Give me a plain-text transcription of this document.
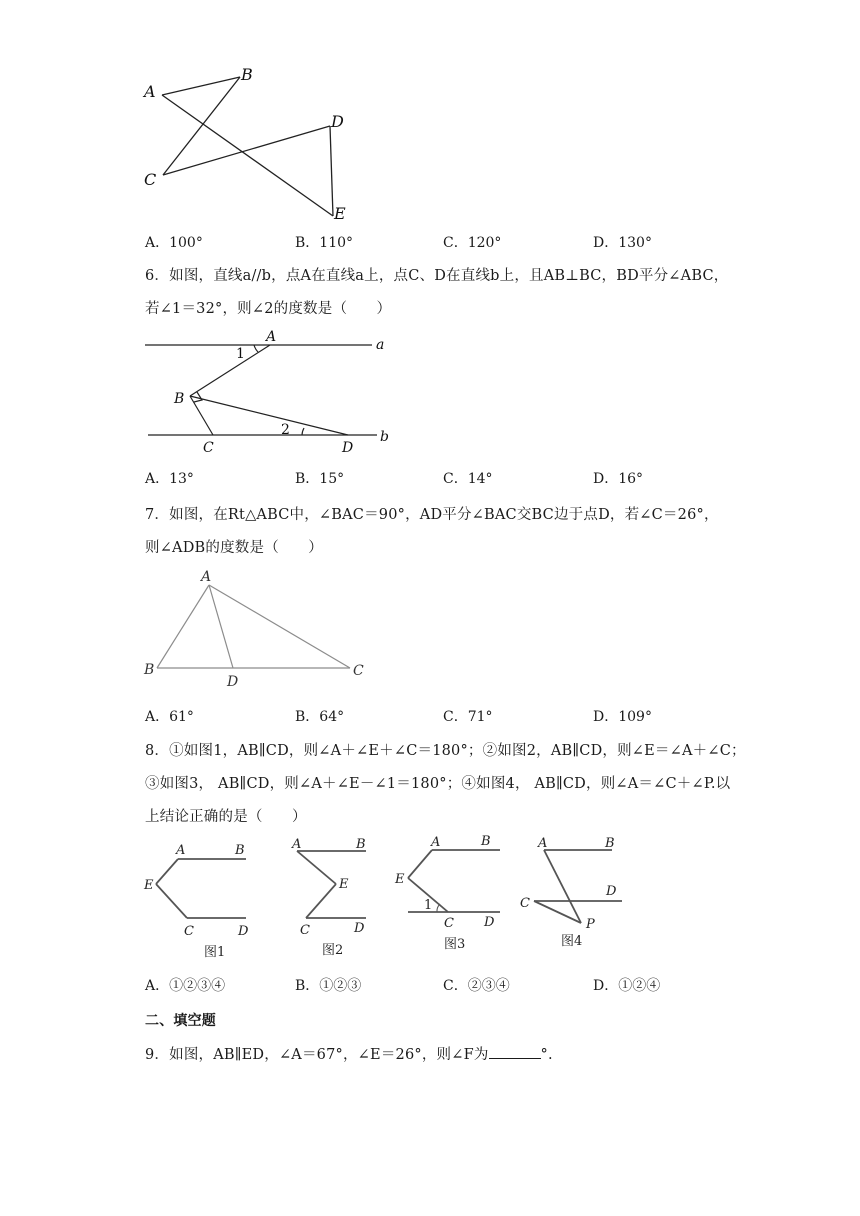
A
B
C
D
E
A．100°	B．110°	C．120°	D．130°
6．如图，直线a//b，点A在直线a上，点C、D在直线b上，且AB⊥BC，BD平分∠ABC，
若∠1＝32°，则∠2的度数是（　　）
A
1
a
B
2
C	D
b
A．13°	B．15°	C．14°	D．16°
7．如图，在Rt△ABC中，∠BAC＝90°，AD平分∠BAC交BC边于点D，若∠C＝26°，
则∠ADB的度数是（　　）
A
B
D
C
A．61°	B．64°	C．71°	D．109°
8．①如图1，AB∥CD，则∠A＋∠E＋∠C＝180°；②如图2，AB∥CD，则∠E＝∠A＋∠C；
③如图3， AB∥CD，则∠A＋∠E－∠1＝180°；④如图4， AB∥CD，则∠A＝∠C＋∠P.以
上结论正确的是（　　）
A	B
E
C	D
图1
A	B
E
C	D
图2
A	B
E
C D
1
图3
A	B
D
C
P
图4
A．①②③④	B．①②③	C．②③④	D．①②④
二、填空题
9．如图，AB∥ED，∠A＝67°，∠E＝26°，则∠F为	°.
